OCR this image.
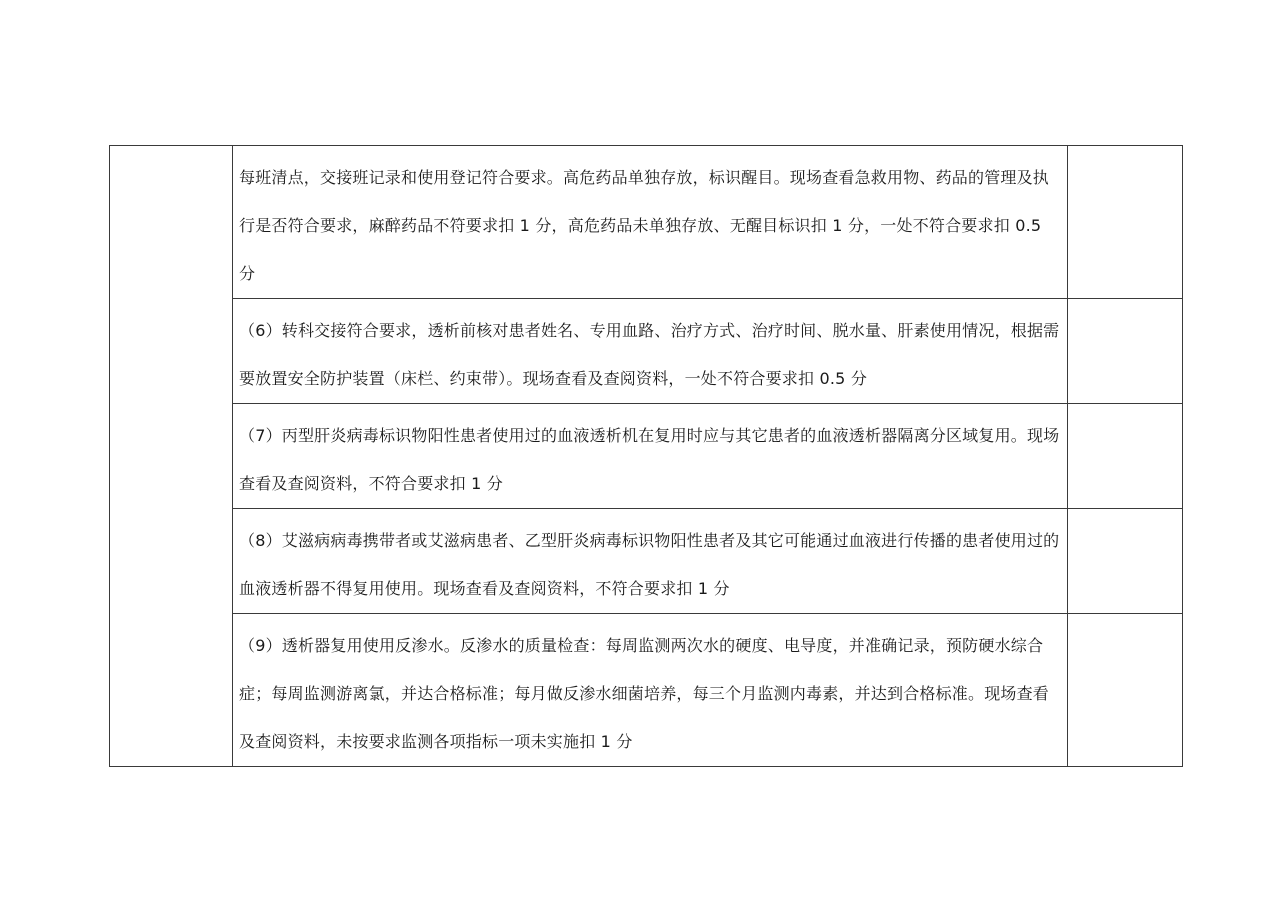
	每班清点，交接班记录和使用登记符合要求。高危药品单独存放，标识醒目。现场查看急救用物、药品的管理及执行是否符合要求，麻醉药品不符要求扣 1 分，高危药品未单独存放、无醒目标识扣 1 分，一处不符合要求扣 0.5 分	

	（6）转科交接符合要求，透析前核对患者姓名、专用血路、治疗方式、治疗时间、脱水量、肝素使用情况，根据需要放置安全防护装置（床栏、约束带）。现场查看及查阅资料，一处不符合要求扣 0.5 分	

	（7）丙型肝炎病毒标识物阳性患者使用过的血液透析机在复用时应与其它患者的血液透析器隔离分区域复用。现场查看及查阅资料，不符合要求扣 1 分	

	（8）艾滋病病毒携带者或艾滋病患者、乙型肝炎病毒标识物阳性患者及其它可能通过血液进行传播的患者使用过的血液透析器不得复用使用。现场查看及查阅资料，不符合要求扣 1 分	

	（9）透析器复用使用反渗水。反渗水的质量检查：每周监测两次水的硬度、电导度，并准确记录，预防硬水综合症；每周监测游离氯，并达合格标准；每月做反渗水细菌培养，每三个月监测内毒素，并达到合格标准。现场查看及查阅资料，未按要求监测各项指标一项未实施扣 1 分	
